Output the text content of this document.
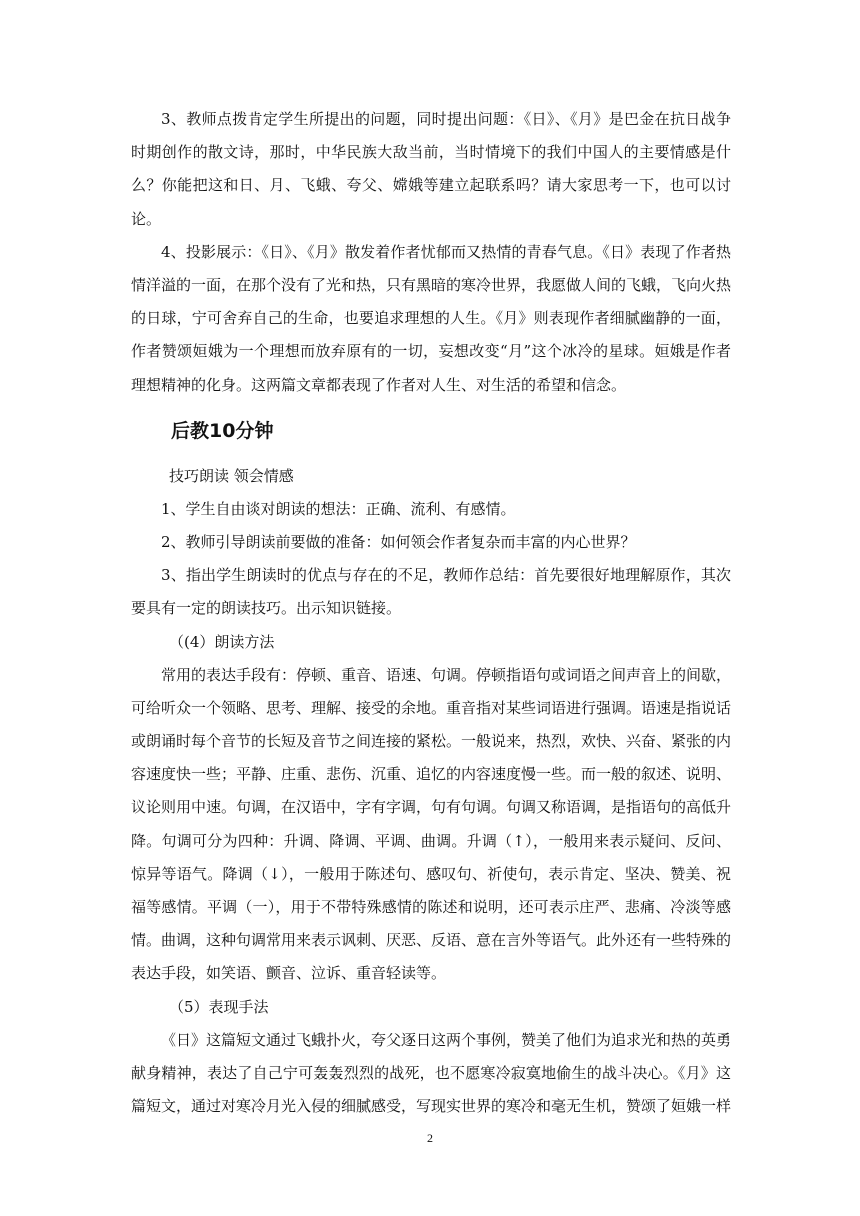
3、教师点拨肯定学生所提出的问题，同时提出问题：《日》、《月》是巴金在抗日战争时期创作的散文诗，那时，中华民族大敌当前，当时情境下的我们中国人的主要情感是什么？你能把这和日、月、飞蛾、夸父、嫦娥等建立起联系吗？请大家思考一下，也可以讨论。

4、投影展示：《日》、《月》散发着作者忧郁而又热情的青春气息。《日》表现了作者热情洋溢的一面，在那个没有了光和热，只有黑暗的寒冷世界，我愿做人间的飞蛾，飞向火热的日球，宁可舍弃自己的生命，也要追求理想的人生。《月》则表现作者细腻幽静的一面，作者赞颂姮娥为一个理想而放弃原有的一切，妄想改变“月”这个冰冷的星球。姮娥是作者理想精神的化身。这两篇文章都表现了作者对人生、对生活的希望和信念。

后教10分钟

技巧朗读 领会情感

1、学生自由谈对朗读的想法：正确、流利、有感情。

2、教师引导朗读前要做的准备：如何领会作者复杂而丰富的内心世界？

3、指出学生朗读时的优点与存在的不足，教师作总结：首先要很好地理解原作，其次要具有一定的朗读技巧。出示知识链接。

（(4）朗读方法

常用的表达手段有：停顿、重音、语速、句调。停顿指语句或词语之间声音上的间歇，可给听众一个领略、思考、理解、接受的余地。重音指对某些词语进行强调。语速是指说话或朗诵时每个音节的长短及音节之间连接的紧松。一般说来，热烈，欢快、兴奋、紧张的内容速度快一些；平静、庄重、悲伤、沉重、追忆的内容速度慢一些。而一般的叙述、说明、议论则用中速。句调，在汉语中，字有字调，句有句调。句调又称语调，是指语句的高低升降。句调可分为四种：升调、降调、平调、曲调。升调（↑），一般用来表示疑问、反问、惊异等语气。降调（↓），一般用于陈述句、感叹句、祈使句，表示肯定、坚决、赞美、祝福等感情。平调（一），用于不带特殊感情的陈述和说明，还可表示庄严、悲痛、冷淡等感情。曲调，这种句调常用来表示讽刺、厌恶、反语、意在言外等语气。此外还有一些特殊的表达手段，如笑语、颤音、泣诉、重音轻读等。

（5）表现手法

《日》这篇短文通过飞蛾扑火，夸父逐日这两个事例，赞美了他们为追求光和热的英勇献身精神，表达了自己宁可轰轰烈烈的战死，也不愿寒冷寂寞地偷生的战斗决心。《月》这篇短文，通过对寒冷月光入侵的细腻感受，写现实世界的寒冷和毫无生机，赞颂了姮娥一样

2
